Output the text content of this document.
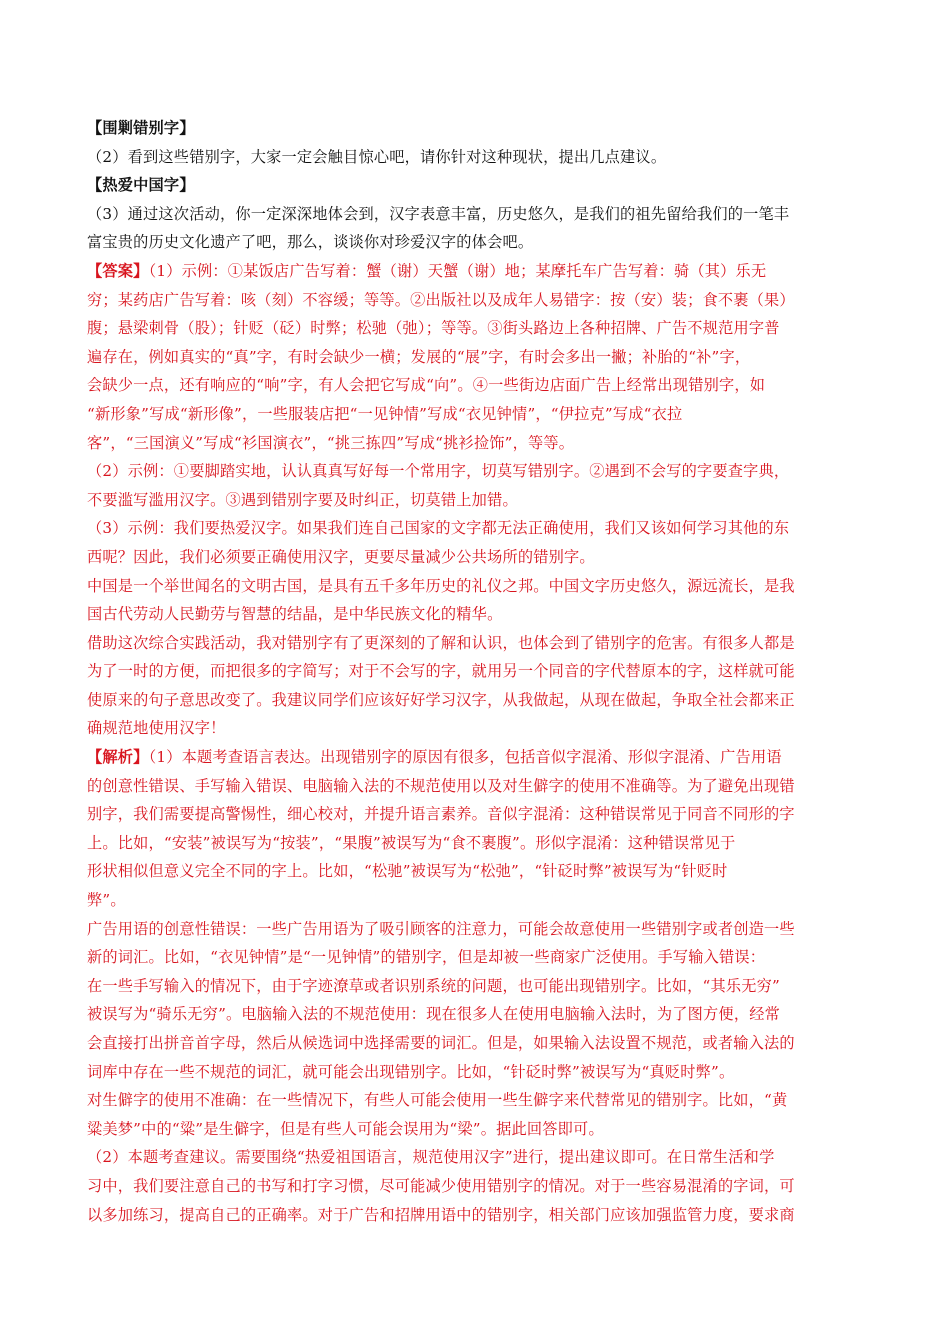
【围剿错别字】
（2）看到这些错别字，大家一定会触目惊心吧，请你针对这种现状，提出几点建议。
【热爱中国字】
（3）通过这次活动，你一定深深地体会到，汉字表意丰富，历史悠久，是我们的祖先留给我们的一笔丰
富宝贵的历史文化遗产了吧，那么，谈谈你对珍爱汉字的体会吧。
【答案】（1）示例：①某饭店广告写着：蟹（谢）天蟹（谢）地；某摩托车广告写着：骑（其）乐无
穷；某药店广告写着：咳（刻）不容缓；等等。②出版社以及成年人易错字：按（安）装；食不裹（果）
腹；悬梁刺骨（股）；针贬（砭）时弊；松驰（弛）；等等。③街头路边上各种招牌、广告不规范用字普
遍存在，例如真实的“真”字，有时会缺少一横；发展的“展”字，有时会多出一撇；补胎的“补”字，
会缺少一点，还有响应的“响”字，有人会把它写成“向”。④一些街边店面广告上经常出现错别字，如
“新形象”写成“新形像”，一些服装店把“一见钟情”写成“衣见钟情”，“伊拉克”写成“衣拉
客”，“三国演义”写成“衫国演衣”，“挑三拣四”写成“挑衫捡饰”，等等。
（2）示例：①要脚踏实地，认认真真写好每一个常用字，切莫写错别字。②遇到不会写的字要查字典，
不要滥写滥用汉字。③遇到错别字要及时纠正，切莫错上加错。
（3）示例：我们要热爱汉字。如果我们连自己国家的文字都无法正确使用，我们又该如何学习其他的东
西呢？因此，我们必须要正确使用汉字，更要尽量减少公共场所的错别字。
中国是一个举世闻名的文明古国，是具有五千多年历史的礼仪之邦。中国文字历史悠久，源远流长，是我
国古代劳动人民勤劳与智慧的结晶，是中华民族文化的精华。
借助这次综合实践活动，我对错别字有了更深刻的了解和认识，也体会到了错别字的危害。有很多人都是
为了一时的方便，而把很多的字简写；对于不会写的字，就用另一个同音的字代替原本的字，这样就可能
使原来的句子意思改变了。我建议同学们应该好好学习汉字，从我做起，从现在做起，争取全社会都来正
确规范地使用汉字！
【解析】（1）本题考查语言表达。出现错别字的原因有很多，包括音似字混淆、形似字混淆、广告用语
的创意性错误、手写输入错误、电脑输入法的不规范使用以及对生僻字的使用不准确等。为了避免出现错
别字，我们需要提高警惕性，细心校对，并提升语言素养。音似字混淆：这种错误常见于同音不同形的字
上。比如，“安装”被误写为“按装”，“果腹”被误写为“食不裹腹”。形似字混淆：这种错误常见于
形状相似但意义完全不同的字上。比如，“松驰”被误写为“松弛”，“针砭时弊”被误写为“针贬时
弊”。
广告用语的创意性错误：一些广告用语为了吸引顾客的注意力，可能会故意使用一些错别字或者创造一些
新的词汇。比如，“衣见钟情”是“一见钟情”的错别字，但是却被一些商家广泛使用。手写输入错误：
在一些手写输入的情况下，由于字迹潦草或者识别系统的问题，也可能出现错别字。比如，“其乐无穷”
被误写为“骑乐无穷”。电脑输入法的不规范使用：现在很多人在使用电脑输入法时，为了图方便，经常
会直接打出拼音首字母，然后从候选词中选择需要的词汇。但是，如果输入法设置不规范，或者输入法的
词库中存在一些不规范的词汇，就可能会出现错别字。比如，“针砭时弊”被误写为“真贬时弊”。
对生僻字的使用不准确：在一些情况下，有些人可能会使用一些生僻字来代替常见的错别字。比如，“黄
粱美梦”中的“粱”是生僻字，但是有些人可能会误用为“梁”。据此回答即可。
（2）本题考查建议。需要围绕“热爱祖国语言，规范使用汉字”进行，提出建议即可。在日常生活和学
习中，我们要注意自己的书写和打字习惯，尽可能减少使用错别字的情况。对于一些容易混淆的字词，可
以多加练习，提高自己的正确率。对于广告和招牌用语中的错别字，相关部门应该加强监管力度，要求商
